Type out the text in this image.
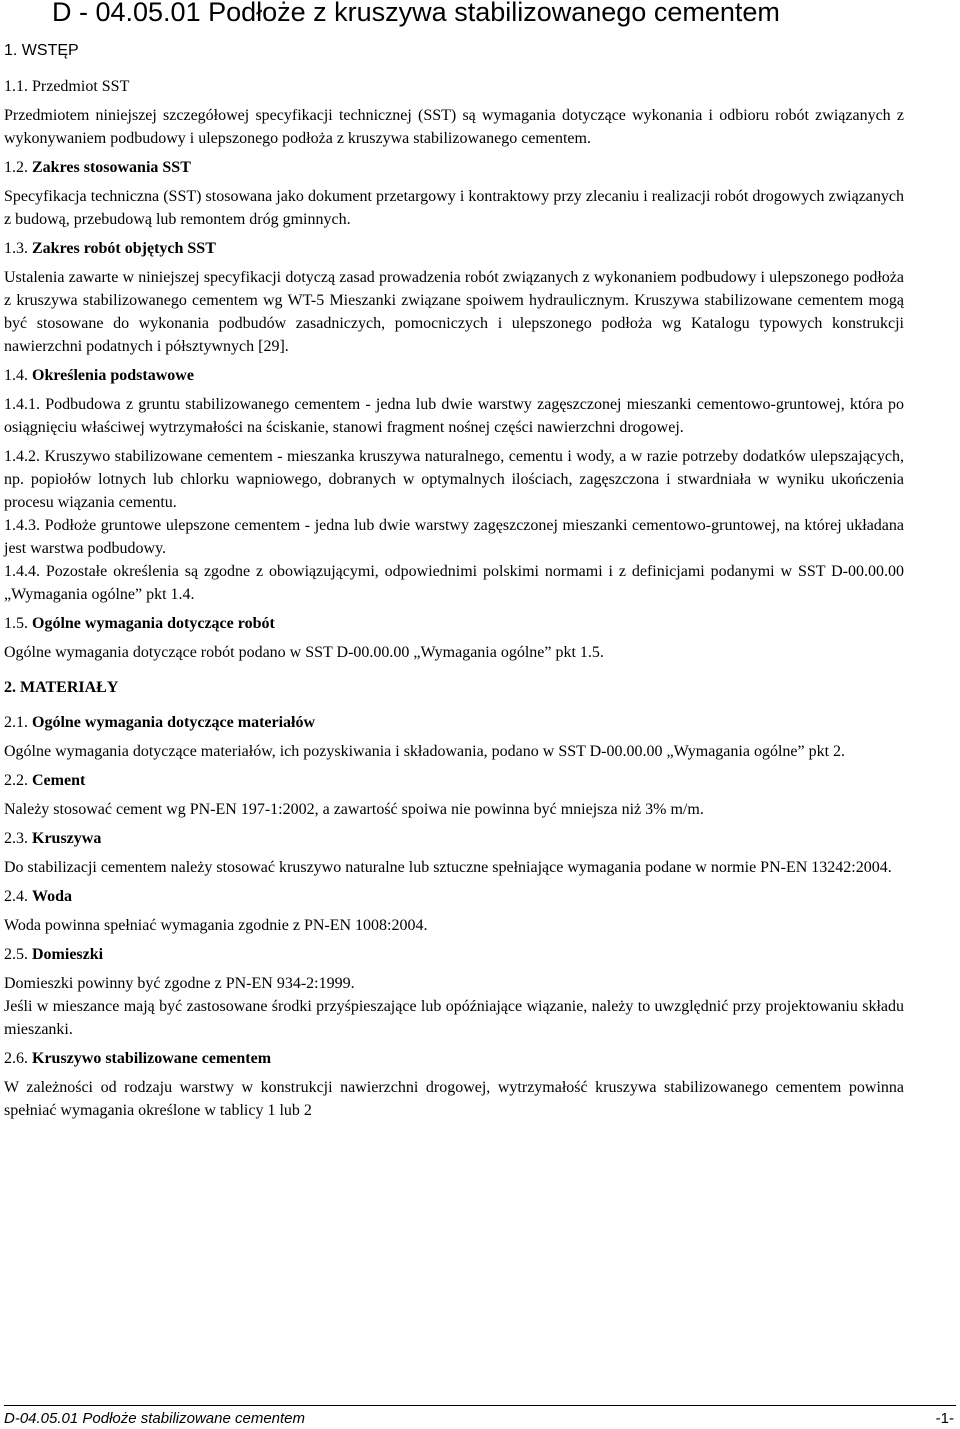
D - 04.05.01 Podłoże z kruszywa stabilizowanego cementem
1. WSTĘP
1.1. Przedmiot SST

Przedmiotem niniejszej szczegółowej specyfikacji technicznej (SST) są wymagania dotyczące wykonania i odbioru robót związanych z wykonywaniem podbudowy i ulepszonego podłoża z kruszywa stabilizowanego cementem.

1.2. Zakres stosowania SST

Specyfikacja techniczna (SST) stosowana jako dokument przetargowy i kontraktowy przy zlecaniu i realizacji robót drogowych związanych z budową, przebudową lub remontem dróg gminnych.

1.3. Zakres robót objętych SST

Ustalenia zawarte w niniejszej specyfikacji dotyczą zasad prowadzenia robót związanych z wykonaniem podbudowy i ulepszonego podłoża z kruszywa stabilizowanego cementem wg WT-5 Mieszanki związane spoiwem hydraulicznym. Kruszywa stabilizowane cementem mogą być stosowane do wykonania podbudów zasadniczych, pomocniczych i ulepszonego podłoża wg Katalogu typowych konstrukcji nawierzchni podatnych i półsztywnych [29].

1.4. Określenia podstawowe

1.4.1. Podbudowa z gruntu stabilizowanego cementem - jedna lub dwie warstwy zagęszczonej mieszanki cementowo-gruntowej, która po osiągnięciu właściwej wytrzymałości na ściskanie, stanowi fragment nośnej części nawierzchni drogowej.

1.4.2. Kruszywo stabilizowane cementem - mieszanka kruszywa naturalnego, cementu i wody, a w razie potrzeby dodatków ulepszających, np. popiołów lotnych lub chlorku wapniowego, dobranych w optymalnych ilościach, zagęszczona i stwardniała w wyniku ukończenia procesu wiązania cementu.

1.4.3. Podłoże gruntowe ulepszone cementem - jedna lub dwie warstwy zagęszczonej mieszanki cementowo-gruntowej, na której układana jest warstwa podbudowy.

1.4.4. Pozostałe określenia są zgodne z obowiązującymi, odpowiednimi polskimi normami i z definicjami podanymi w SST D-00.00.00 „Wymagania ogólne” pkt 1.4.

1.5. Ogólne wymagania dotyczące robót

Ogólne wymagania dotyczące robót podano w SST D-00.00.00 „Wymagania ogólne” pkt 1.5.

2. MATERIAŁY
2.1. Ogólne wymagania dotyczące materiałów

Ogólne wymagania dotyczące materiałów, ich pozyskiwania i składowania, podano w SST D-00.00.00 „Wymagania ogólne” pkt 2.

2.2. Cement

Należy stosować cement wg PN-EN 197-1:2002, a zawartość spoiwa nie powinna być mniejsza niż 3% m/m.

2.3. Kruszywa

Do stabilizacji cementem należy stosować kruszywo naturalne lub sztuczne spełniające wymagania podane w normie PN-EN 13242:2004.

2.4. Woda

Woda powinna spełniać wymagania zgodnie z PN-EN 1008:2004.

2.5. Domieszki

Domieszki powinny być zgodne z PN-EN 934-2:1999.

Jeśli w mieszance mają być zastosowane środki przyśpieszające lub opóźniające wiązanie, należy to uwzględnić przy projektowaniu składu mieszanki.

2.6. Kruszywo stabilizowane cementem

W zależności od rodzaju warstwy w konstrukcji nawierzchni drogowej, wytrzymałość kruszywa stabilizowanego cementem powinna spełniać wymagania określone w tablicy 1 lub 2

D-04.05.01 Podłoże stabilizowane cementem	-1-
